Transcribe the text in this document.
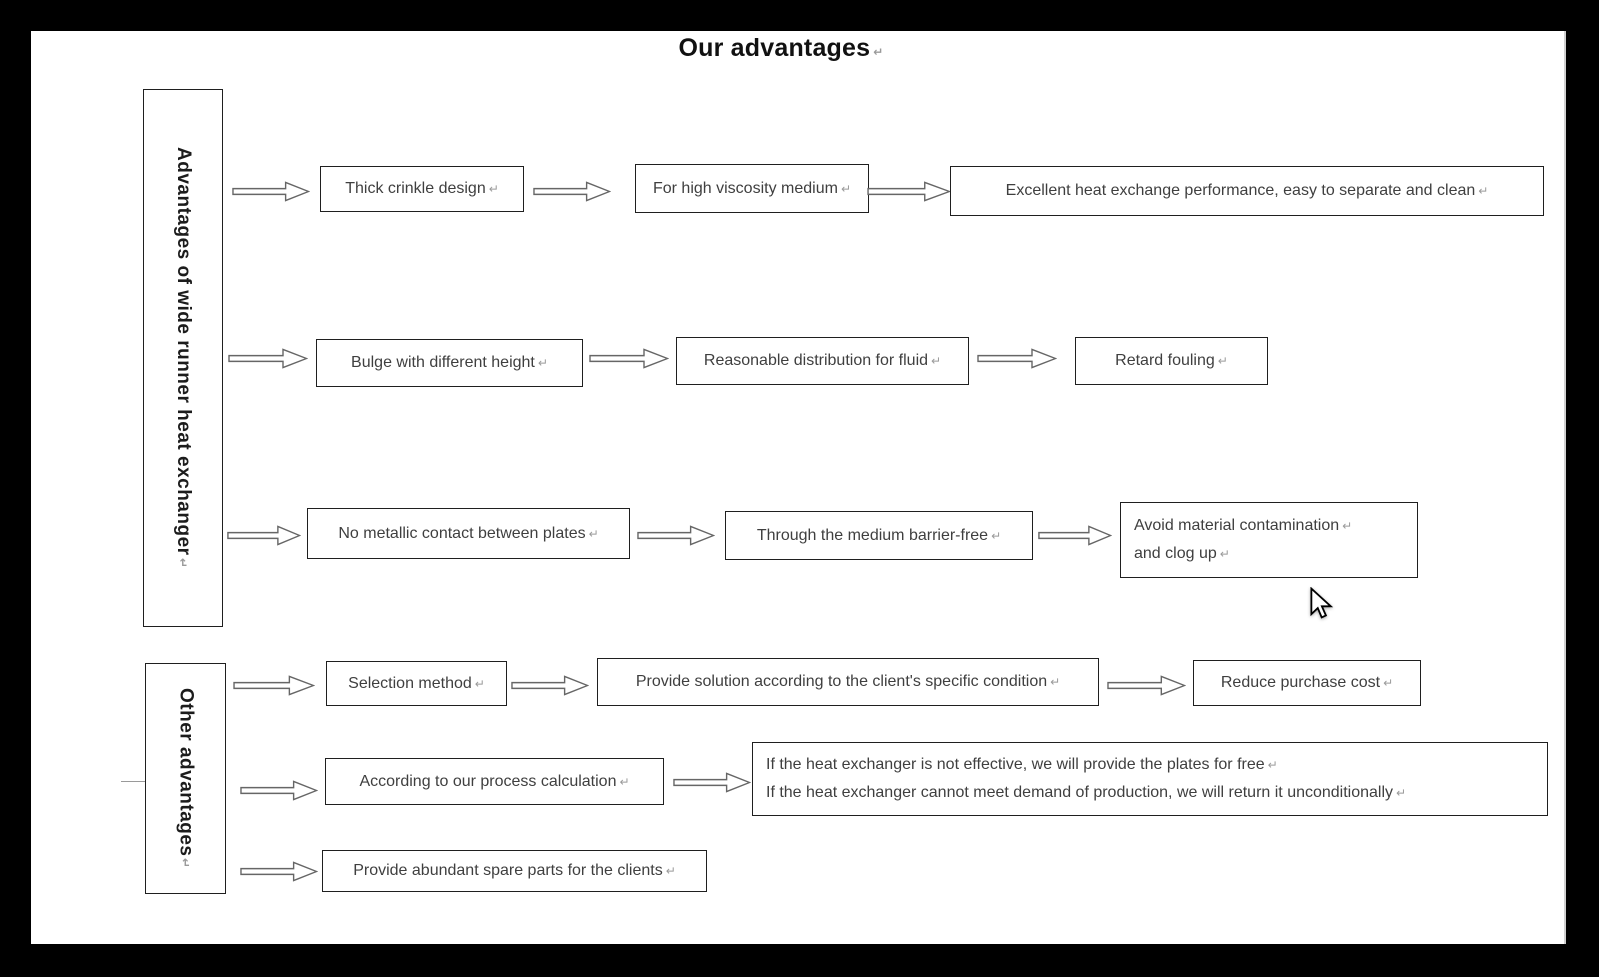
Our advantages ↵
Advantages of wide runner heat exchanger↵
Thick crinkle design ↵	For high viscosity medium ↵	Excellent heat exchange performance, easy to separate and clean ↵
Bulge with different height ↵	Reasonable distribution for fluid ↵	Retard fouling ↵
No metallic contact between plates ↵	Through the medium barrier-free ↵
Avoid material contamination ↵
and clog up ↵
Other advantages↵
Selection method ↵	Provide solution according to the client's specific condition ↵	Reduce purchase cost ↵
According to our process calculation ↵
If the heat exchanger is not effective, we will provide the plates for free ↵
If the heat exchanger cannot meet demand of production, we will return it unconditionally ↵
Provide abundant spare parts for the clients ↵
